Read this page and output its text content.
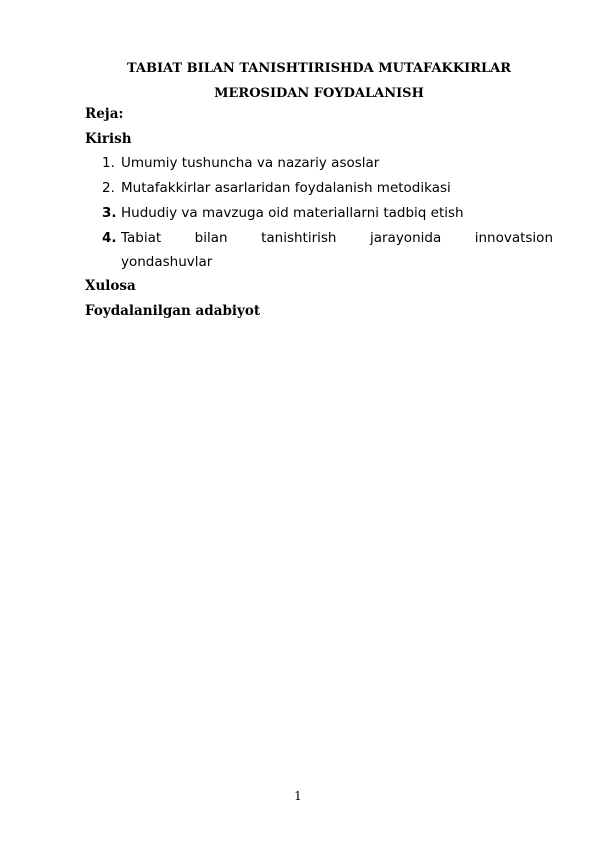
TABIAT BILAN TANISHTIRISHDA MUTAFAKKIRLAR MEROSIDAN FOYDALANISH
Reja:
Kirish
1. Umumiy tushuncha va nazariy asoslar
2. Mutafakkirlar asarlaridan foydalanish metodikasi
3. Hududiy va mavzuga oid materiallarni tadbiq etish
4. Tabiat bilan tanishtirish jarayonida innovatsion
yondashuvlar
Xulosa
Foydalanilgan adabiyot
1
